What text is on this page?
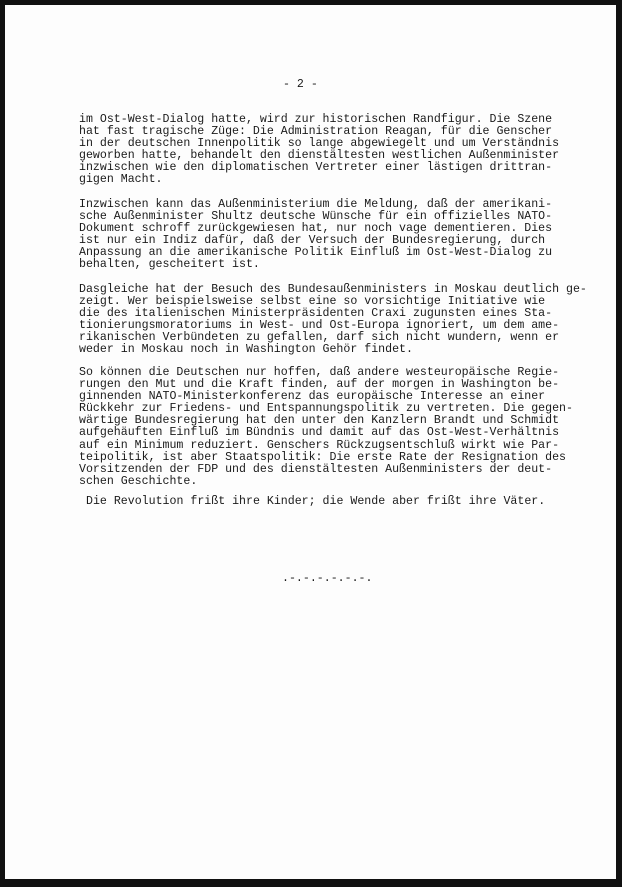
- 2 -
im Ost-West-Dialog hatte, wird zur historischen Randfigur. Die Szene
hat fast tragische Züge: Die Administration Reagan, für die Genscher
in der deutschen Innenpolitik so lange abgewiegelt und um Verständnis
geworben hatte, behandelt den dienstältesten westlichen Außenminister
inzwischen wie den diplomatischen Vertreter einer lästigen drittran-
gigen Macht.
Inzwischen kann das Außenministerium die Meldung, daß der amerikani-
sche Außenminister Shultz deutsche Wünsche für ein offizielles NATO-
Dokument schroff zurückgewiesen hat, nur noch vage dementieren. Dies
ist nur ein Indiz dafür, daß der Versuch der Bundesregierung, durch
Anpassung an die amerikanische Politik Einfluß im Ost-West-Dialog zu
behalten, gescheitert ist.
Dasgleiche hat der Besuch des Bundesaußenministers in Moskau deutlich ge-
zeigt. Wer beispielsweise selbst eine so vorsichtige Initiative wie
die des italienischen Ministerpräsidenten Craxi zugunsten eines Sta-
tionierungsmoratoriums in West- und Ost-Europa ignoriert, um dem ame-
rikanischen Verbündeten zu gefallen, darf sich nicht wundern, wenn er
weder in Moskau noch in Washington Gehör findet.
So können die Deutschen nur hoffen, daß andere westeuropäische Regie-
rungen den Mut und die Kraft finden, auf der morgen in Washington be-
ginnenden NATO-Ministerkonferenz das europäische Interesse an einer
Rückkehr zur Friedens- und Entspannungspolitik zu vertreten. Die gegen-
wärtige Bundesregierung hat den unter den Kanzlern Brandt und Schmidt
aufgehäuften Einfluß im Bündnis und damit auf das Ost-West-Verhältnis
auf ein Minimum reduziert. Genschers Rückzugsentschluß wirkt wie Par-
teipolitik, ist aber Staatspolitik: Die erste Rate der Resignation des
Vorsitzenden der FDP und des dienstältesten Außenministers der deut-
schen Geschichte.
Die Revolution frißt ihre Kinder; die Wende aber frißt ihre Väter.
.-.-.-.-.-.-.
